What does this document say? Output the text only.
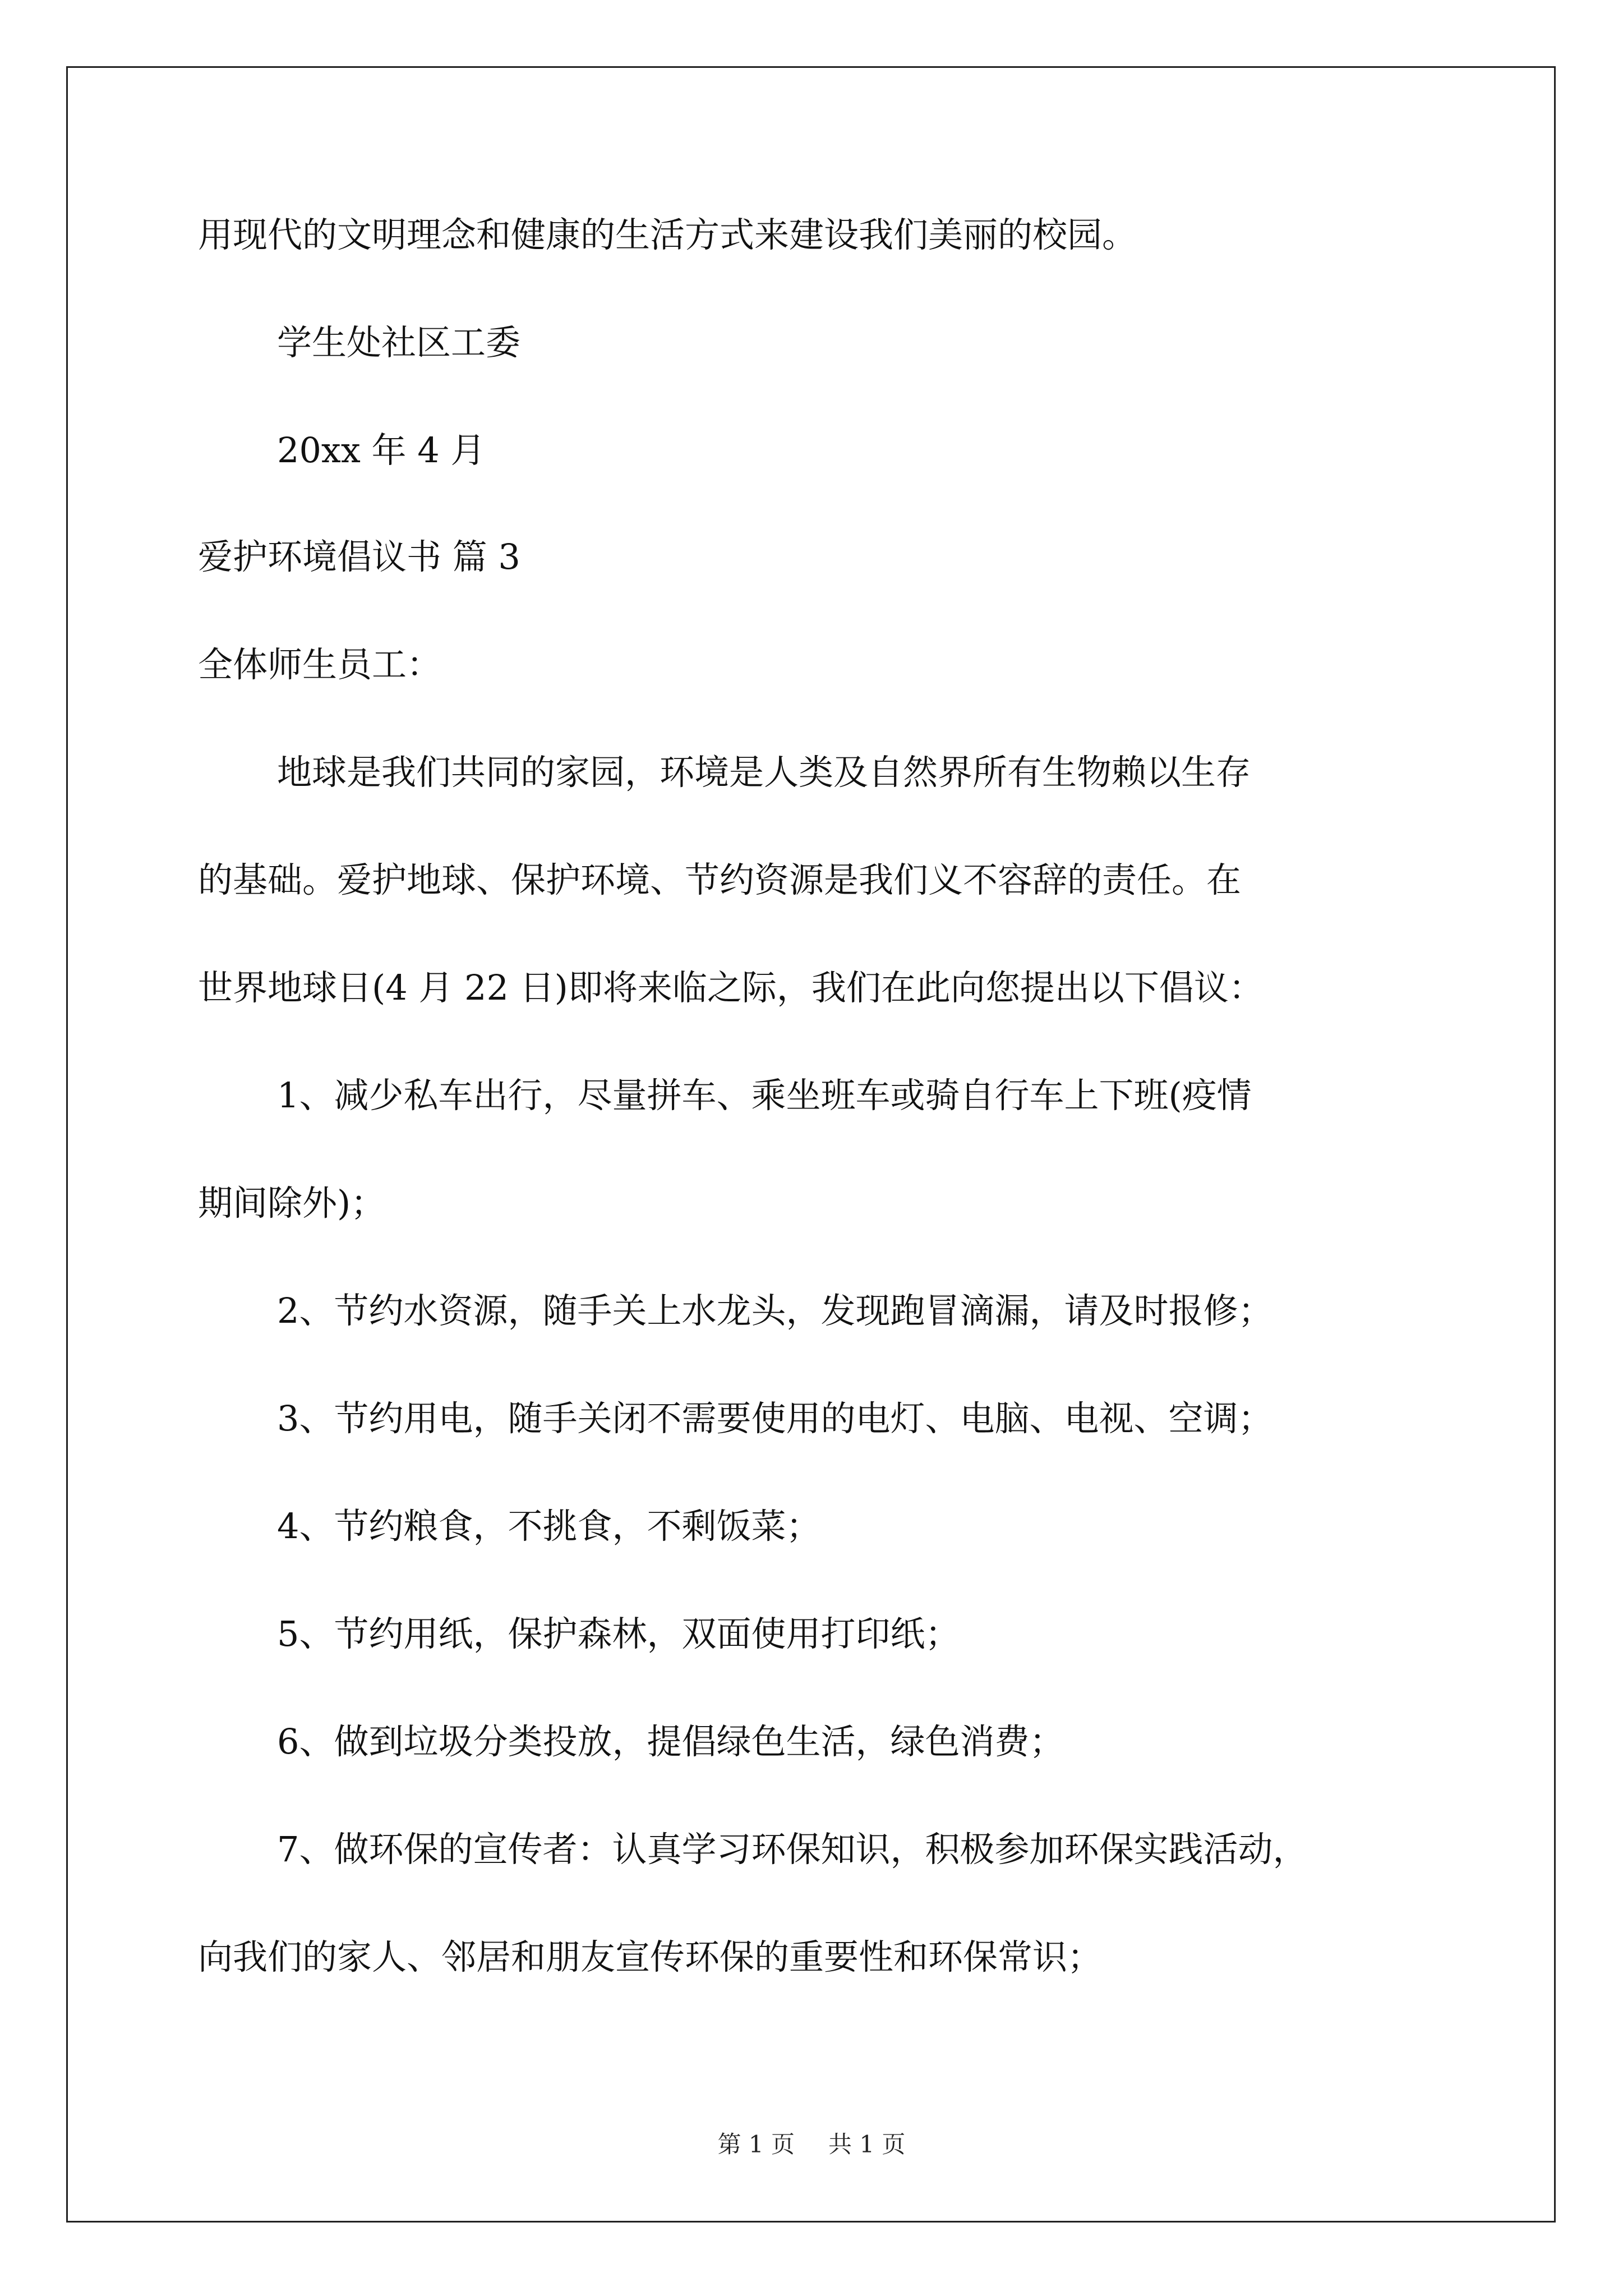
用现代的文明理念和健康的生活方式来建设我们美丽的校园。
学生处社区工委
20xx 年 4 月
爱护环境倡议书 篇 3
全体师生员工：
地球是我们共同的家园，环境是人类及自然界所有生物赖以生存
的基础。爱护地球、保护环境、节约资源是我们义不容辞的责任。在
世界地球日(4 月 22 日)即将来临之际，我们在此向您提出以下倡议：
1、减少私车出行，尽量拼车、乘坐班车或骑自行车上下班(疫情
期间除外)；
2、节约水资源，随手关上水龙头，发现跑冒滴漏，请及时报修；
3、节约用电，随手关闭不需要使用的电灯、电脑、电视、空调；
4、节约粮食，不挑食，不剩饭菜；
5、节约用纸，保护森林，双面使用打印纸；
6、做到垃圾分类投放，提倡绿色生活，绿色消费；
7、做环保的宣传者：认真学习环保知识，积极参加环保实践活动，
向我们的家人、邻居和朋友宣传环保的重要性和环保常识；
第 1 页 共 1 页
